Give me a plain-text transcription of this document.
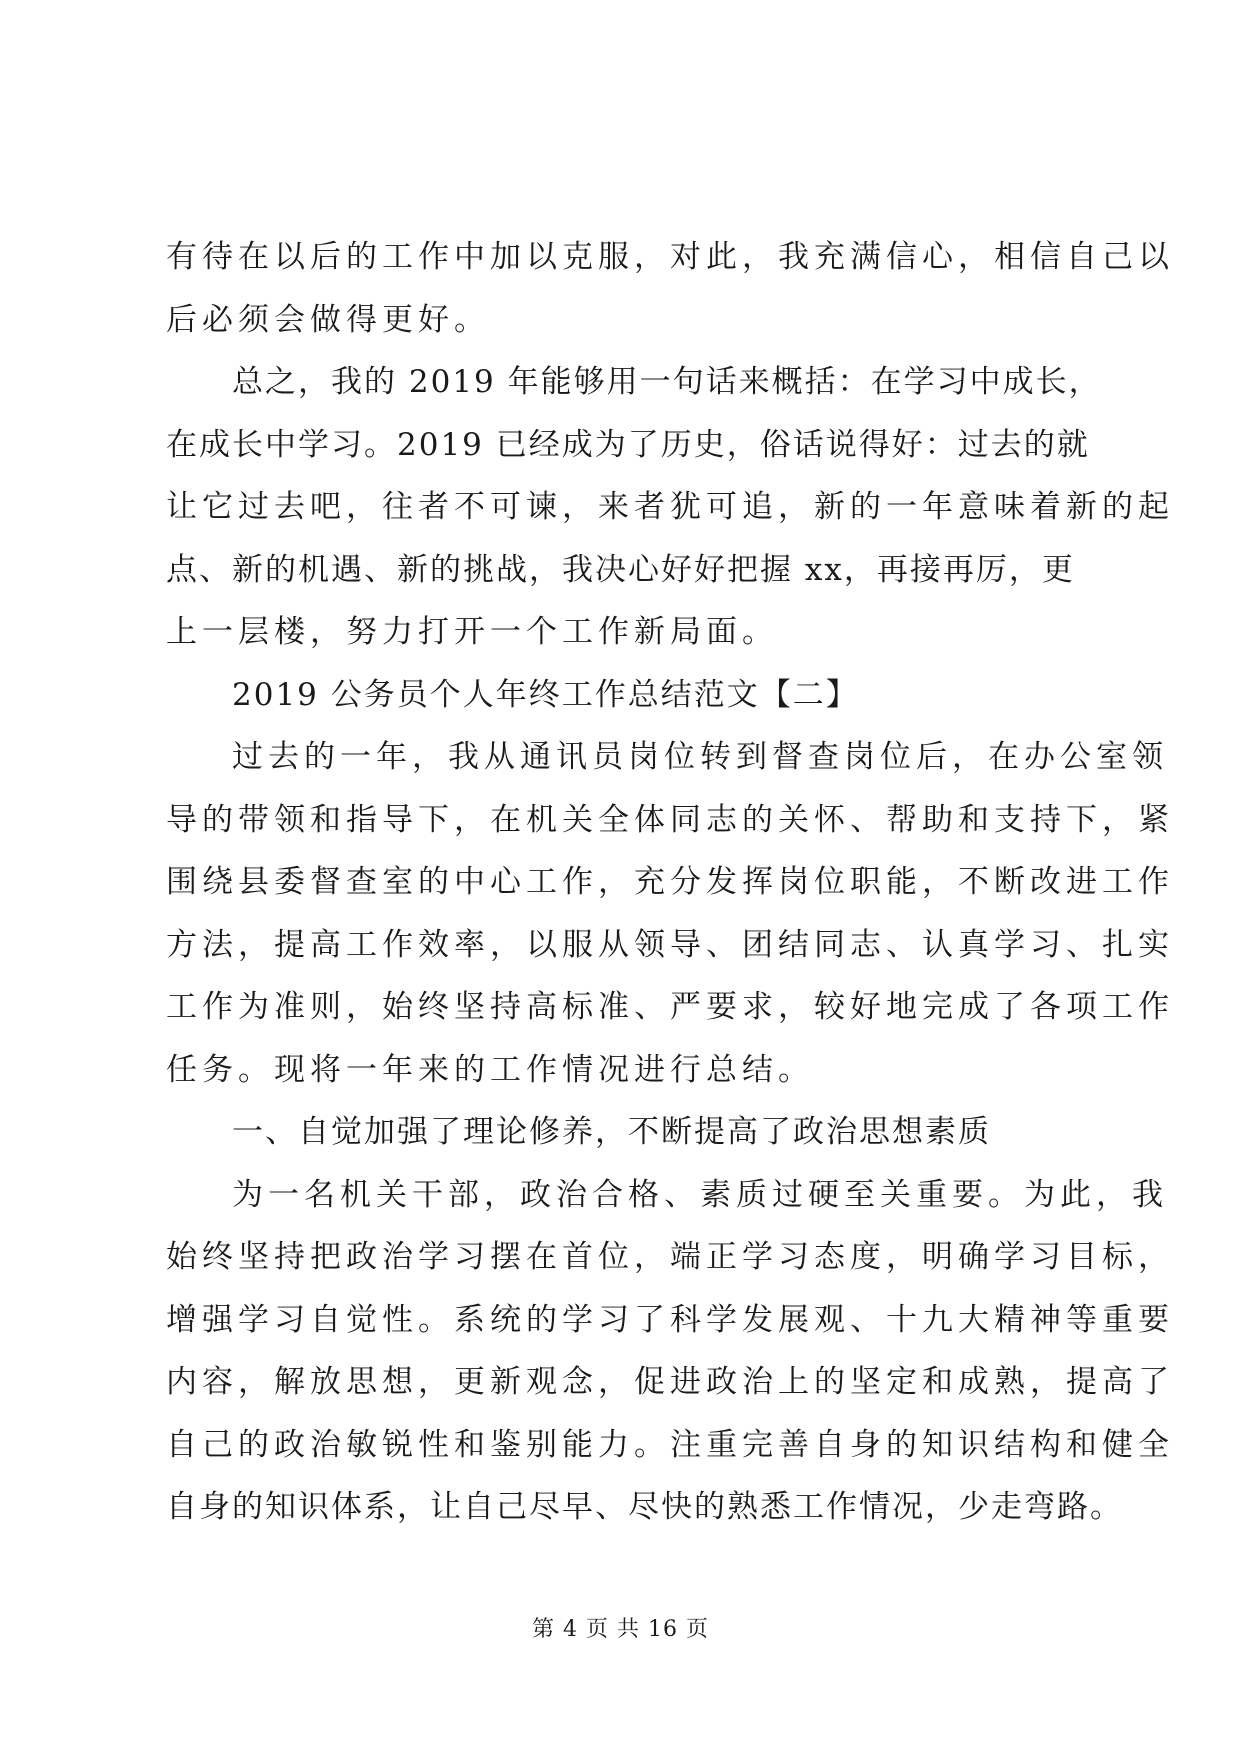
有待在以后的工作中加以克服，对此，我充满信心，相信自己以
后必须会做得更好。
总之，我的 2019 年能够用一句话来概括：在学习中成长，
在成长中学习。2019 已经成为了历史，俗话说得好：过去的就
让它过去吧，往者不可谏，来者犹可追，新的一年意味着新的起
点、新的机遇、新的挑战，我决心好好把握 xx，再接再厉，更
上一层楼，努力打开一个工作新局面。
2019 公务员个人年终工作总结范文【二】
过去的一年，我从通讯员岗位转到督查岗位后，在办公室领
导的带领和指导下，在机关全体同志的关怀、帮助和支持下，紧
围绕县委督查室的中心工作，充分发挥岗位职能，不断改进工作
方法，提高工作效率，以服从领导、团结同志、认真学习、扎实
工作为准则，始终坚持高标准、严要求，较好地完成了各项工作
任务。现将一年来的工作情况进行总结。
一、自觉加强了理论修养，不断提高了政治思想素质
为一名机关干部，政治合格、素质过硬至关重要。为此，我
始终坚持把政治学习摆在首位，端正学习态度，明确学习目标，
增强学习自觉性。系统的学习了科学发展观、十九大精神等重要
内容，解放思想，更新观念，促进政治上的坚定和成熟，提高了
自己的政治敏锐性和鉴别能力。注重完善自身的知识结构和健全
自身的知识体系，让自己尽早、尽快的熟悉工作情况，少走弯路。
第 4 页 共 16 页
